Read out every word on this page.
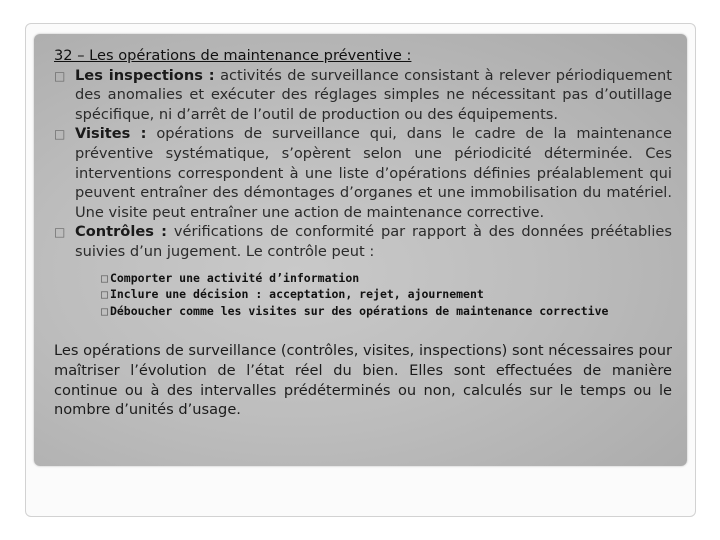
32 – Les opérations de maintenance préventive :
□ Les inspections : activités de surveillance consistant à relever périodiquement des anomalies et exécuter des réglages simples ne nécessitant pas d’outillage spécifique, ni d’arrêt de l’outil de production ou des équipements.
□ Visites : opérations de surveillance qui, dans le cadre de la maintenance préventive systématique, s’opèrent selon une périodicité déterminée. Ces interventions correspondent à une liste d’opérations définies préalablement qui peuvent entraîner des démontages d’organes et une immobilisation du matériel. Une visite peut entraîner une action de maintenance corrective.
□ Contrôles : vérifications de conformité par rapport à des données préétablies suivies d’un jugement. Le contrôle peut :
□ Comporter une activité d’information
□ Inclure une décision : acceptation, rejet, ajournement
□ Déboucher comme les visites sur des opérations de maintenance corrective
Les opérations de surveillance (contrôles, visites, inspections) sont nécessaires pour maîtriser l’évolution de l’état réel du bien. Elles sont effectuées de manière continue ou à des intervalles prédéterminés ou non, calculés sur le temps ou le nombre d’unités d’usage.
